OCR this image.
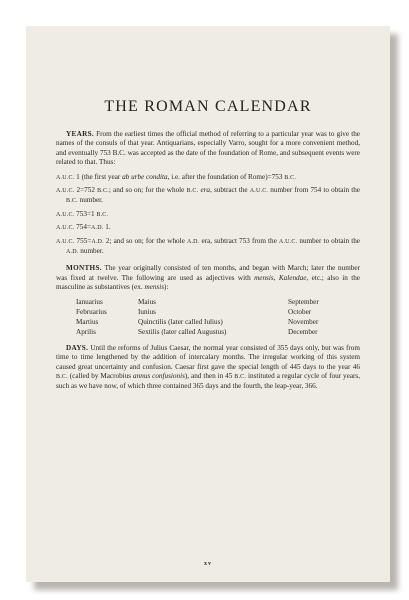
THE ROMAN CALENDAR

YEARS. From the earliest times the official method of referring to a particular year was to give the names of the consuls of that year. Antiquarians, especially Varro, sought for a more convenient method, and eventually 753 B.C. was accepted as the date of the foundation of Rome, and subsequent events were related to that. Thus:

A.U.C. 1 (the first year ab urbe condita, i.e. after the foundation of Rome)=753 B.C.

A.U.C. 2=752 B.C.; and so on; for the whole B.C. era, subtract the A.U.C. number from 754 to obtain the B.C. number.

A.U.C. 753=1 B.C.

A.U.C. 754=A.D. 1.

A.U.C. 755=A.D. 2; and so on; for the whole A.D. era, subtract 753 from the A.U.C. number to obtain the A.D. number.

MONTHS. The year originally consisted of ten months, and began with March; later the number was fixed at twelve. The following are used as adjectives with mensis, Kalendae, etc.; also in the masculine as substantives (ex. mensis):

Ianuarius	Maius	September
Februarius	Iunius	October
Martius	Quinctilis (later called Iulius)	November
Aprilis	Sextilis (later called Augustus)	December

DAYS. Until the reforms of Julius Caesar, the normal year consisted of 355 days only, but was from time to time lengthened by the addition of intercalary months. The irregular working of this system caused great uncertainty and confusion. Caesar first gave the special length of 445 days to the year 46 B.C. (called by Macrobius annus confusionis), and then in 45 B.C. instituted a regular cycle of four years, such as we have now, of which three contained 365 days and the fourth, the leap-year, 366.

xv
